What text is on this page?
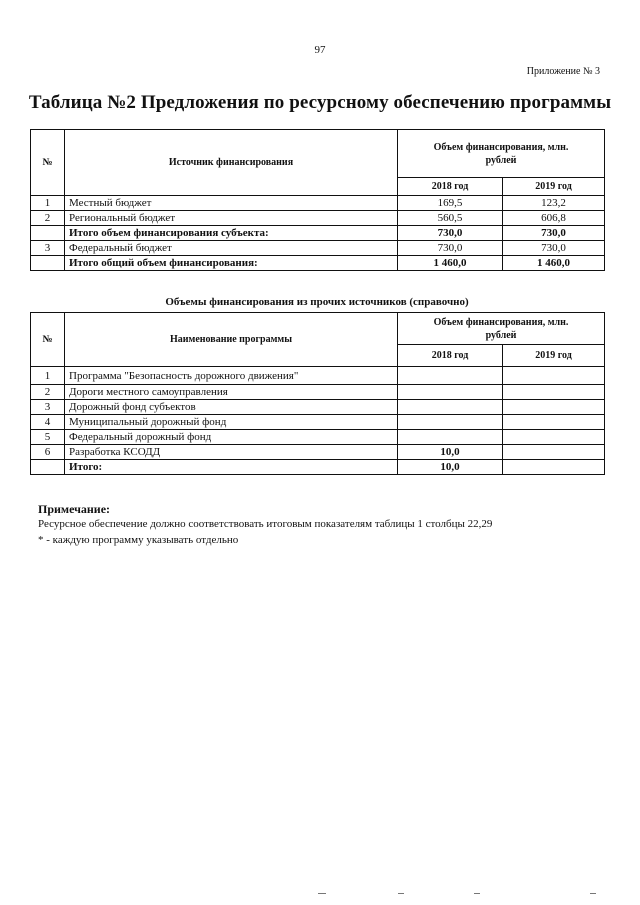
97
Приложение № 3
Таблица №2 Предложения по ресурсному обеспечению программы
№	Источник финансирования	Объем финансирования, млн. рублей	

		2018 год	2019 год
1	Местный бюджет	169,5	123,2
2	Региональный бюджет	560,5	606,8
	Итого объем финансирования субъекта:	730,0	730,0
3	Федеральный бюджет	730,0	730,0
	Итого общий объем финансирования:	1 460,0	1 460,0
Объемы финансирования из прочих источников (справочно)
№	Наименование программы	Объем финансирования, млн. рублей	

		2018 год	2019 год
1	Программа "Безопасность дорожного движения"		
2	Дороги местного самоуправления		
3	Дорожный фонд субъектов		
4	Муниципальный дорожный фонд		
5	Федеральный дорожный фонд		
6	Разработка КСОДД	10,0	
	Итого:	10,0	
Примечание:
Ресурсное обеспечение должно соответствовать итоговым показателям таблицы 1 столбцы 22,29
* - каждую программу указывать отдельно
